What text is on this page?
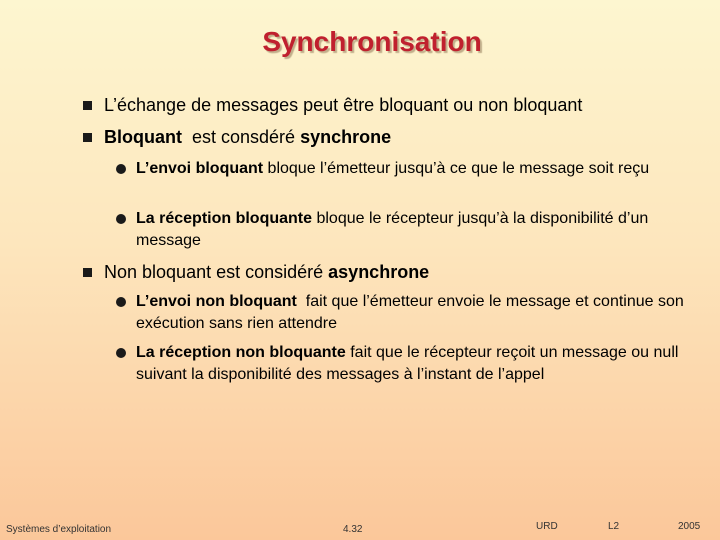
Synchronisation
L’échange de messages peut être bloquant ou non bloquant
Bloquant  est consdéré synchrone
L’envoi bloquant bloque l’émetteur jusqu’à ce que le message soit reçu
La réception bloquante bloque le récepteur jusqu’à la disponibilité d’un message
Non bloquant est considéré asynchrone
L’envoi non bloquant  fait que l’émetteur envoie le message et continue son exécution sans rien attendre
La réception non bloquante fait que le récepteur reçoit un message ou null suivant la disponibilité des messages à l’instant de l’appel
Systèmes d’exploitation	4.32	URD	L2	2005
